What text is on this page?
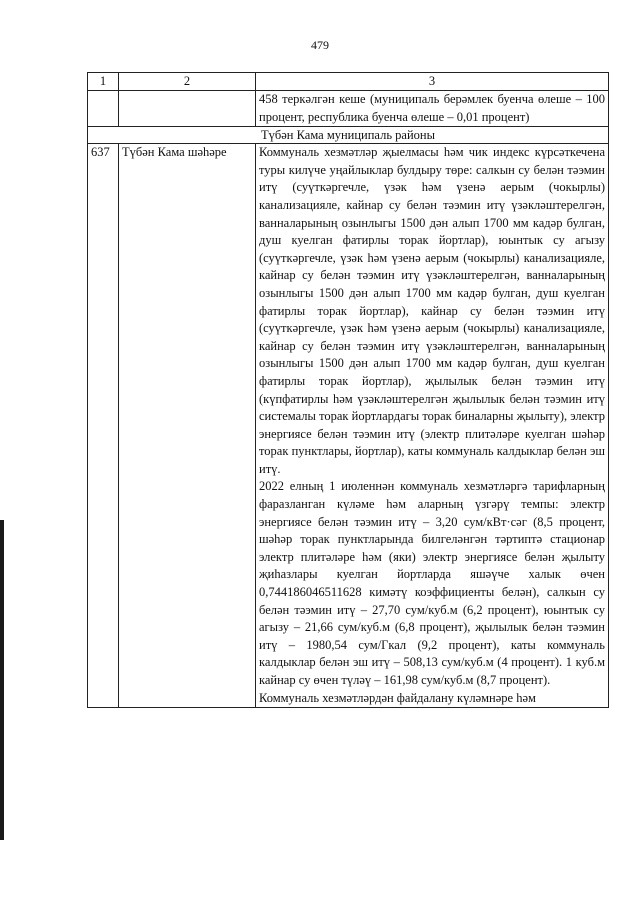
479
1	2	3
		458 теркәлгән кеше (муниципаль берәмлек буенча өлеше – 100 процент, республика буенча өлеше – 0,01 процент)
Түбән Кама муниципаль районы		
637	Түбән Кама шәһәре	Коммуналь хезмәтләр җыелмасы һәм чик индекс күрсәткечена туры килүче уңайлыклар булдыру төре: салкын су белән тәэмин итү (суүткәргечле, үзәк һәм үзенә аерым (чокырлы) канализацияле, кайнар су белән тәэмин итү үзәкләштерелгән, ванналарының озынлыгы 1500 дән алып 1700 мм кадәр булган, душ куелган фатирлы торак йортлар), юынтык су агызу (суүткәргечле, үзәк һәм үзенә аерым (чокырлы) канализацияле, кайнар су белән тәэмин итү үзәкләштерелгән, ванналарының озынлыгы 1500 дән алып 1700 мм кадәр булган, душ куелган фатирлы торак йортлар), кайнар су белән тәэмин итү (суүткәргечле, үзәк һәм үзенә аерым (чокырлы) канализацияле, кайнар су белән тәэмин итү үзәкләштерелгән, ванналарының озынлыгы 1500 дән алып 1700 мм кадәр булган, душ куелган фатирлы торак йортлар), җылылык белән тәэмин итү (күпфатирлы һәм үзәкләштерелгән җылылык белән тәэмин итү системалы торак йортлардагы торак биналарны җылыту), электр энергиясе белән тәэмин итү (электр плитәләре куелган шәһәр торак пунктлары, йортлар), каты коммуналь калдыклар белән эш итү.

2022 елның 1 июленнән коммуналь хезмәтләргә тарифларның фаразланган күләме һәм аларның үзгәрү темпы: электр энергиясе белән тәэмин итү – 3,20 сум/кВт·сәг (8,5 процент, шәһәр торак пунктларында билгеләнгән тәртиптә стационар электр плитәләре һәм (яки) электр энергиясе белән җылыту җиһазлары куелган йортларда яшәүче халык өчен 0,744186046511628 кимәтү коэффициенты белән), салкын су белән тәэмин итү – 27,70 сум/куб.м (6,2 процент), юынтык су агызу – 21,66 сум/куб.м (6,8 процент), җылылык белән тәэмин итү – 1980,54 сум/Гкал (9,2 процент), каты коммуналь калдыклар белән эш итү – 508,13 сум/куб.м (4 процент). 1 куб.м кайнар су өчен түләү – 161,98 сум/куб.м (8,7 процент).

Коммуналь хезмәтләрдән файдалану күләмнәре һәм
